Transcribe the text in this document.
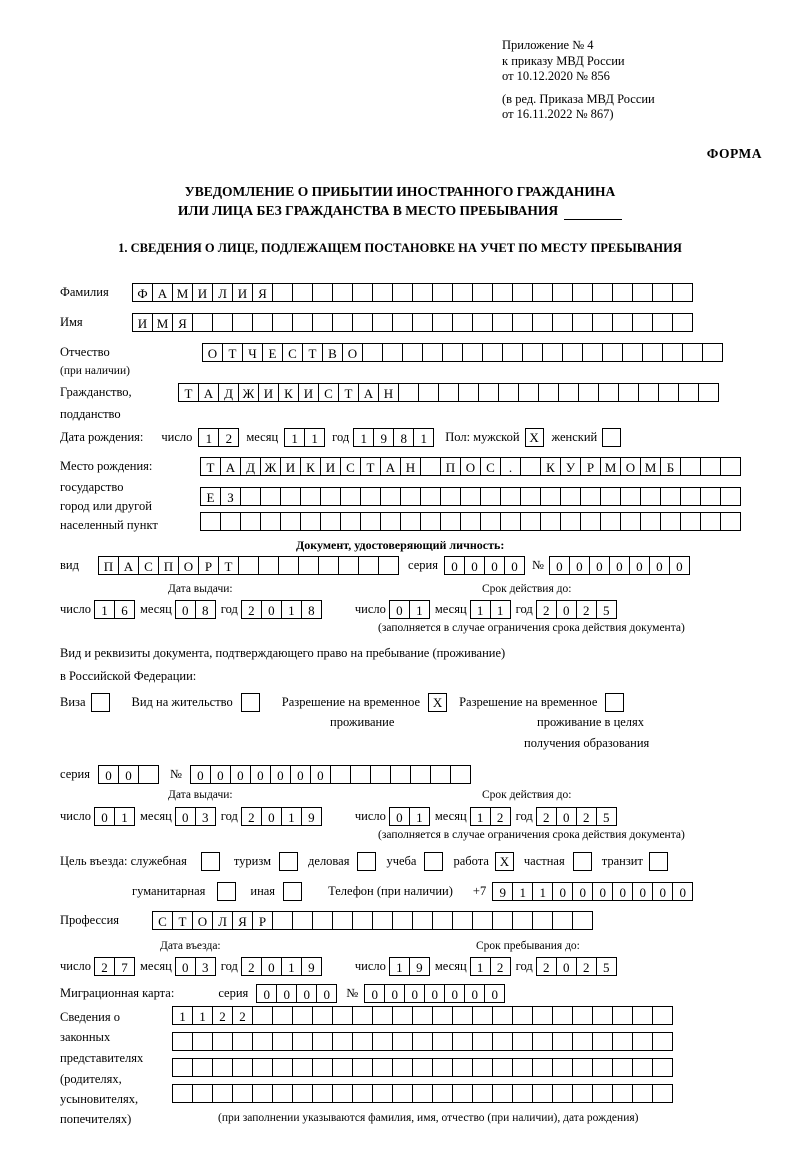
Приложение № 4
к приказу МВД России
от 10.12.2020 № 856
(в ред. Приказа МВД России
от 16.11.2022 № 867)
ФОРМА
УВЕДОМЛЕНИЕ О ПРИБЫТИИ ИНОСТРАННОГО ГРАЖДАНИНА
ИЛИ ЛИЦА БЕЗ ГРАЖДАНСТВА В МЕСТО ПРЕБЫВАНИЯ
1. СВЕДЕНИЯ О ЛИЦЕ, ПОДЛЕЖАЩЕМ ПОСТАНОВКЕ НА УЧЕТ ПО МЕСТУ ПРЕБЫВАНИЯ
Фамилия	Ф А М И Л И Я
Имя	И М Я
Отчество	О Т Ч Е С Т В О
(при наличии)
Гражданство,	Т А Д Ж И К И С Т А Н
подданство
Дата рождения: число	1	2	месяц	1	1	год 1	9	8	1	Пол: мужской X	женский
Место рождения:	Т А Д Ж И К И С Т А Н	П О С	.	К У Р М О М Б
государство
Е З
город или другой
населенный пункт
Документ, удостоверяющий личность:
вид	П А С П О Р Т	серия	0	0	0	0	№ 0	0	0	0	0	0	0
Дата выдачи:	Срок действия до:
число 1	6 месяц 0	8 год 2	0	1	8	число 0	1 месяц 1	1 год 2	0	2	5
(заполняется в случае ограничения срока действия документа)
Вид и реквизиты документа, подтверждающего право на пребывание (проживание)
в Российской Федерации:
Виза	Вид на жительство	Разрешение на временное X	Разрешение на временное
проживание	проживание в целях
получения образования
серия	0	0	№	0	0	0	0	0	0	0
Дата выдачи:	Срок действия до:
число 0	1 месяц 0	3 год 2	0	1	9	число 0	1 месяц 1	2 год 2	0	2	5
(заполняется в случае ограничения срока действия документа)
Цель въезда: служебная	туризм	деловая	учеба	работа X	частная	транзит
гуманитарная	иная	Телефон (при наличии) +7	9	1	1	0	0	0	0	0	0	0
Профессия	С Т О Л Я Р
Дата въезда:	Срок пребывания до:
число 2	7 месяц 0	3 год 2	0	1	9	число 1	9 месяц 1	2 год 2	0	2	5
Миграционная карта:	серия	0	0	0	0	№	0	0	0	0	0	0	0
Сведения о
законных
представителях
(родителях,
усыновителях,
попечителях)
1	1	2	2
(при заполнении указываются фамилия, имя, отчество (при наличии), дата рождения)
